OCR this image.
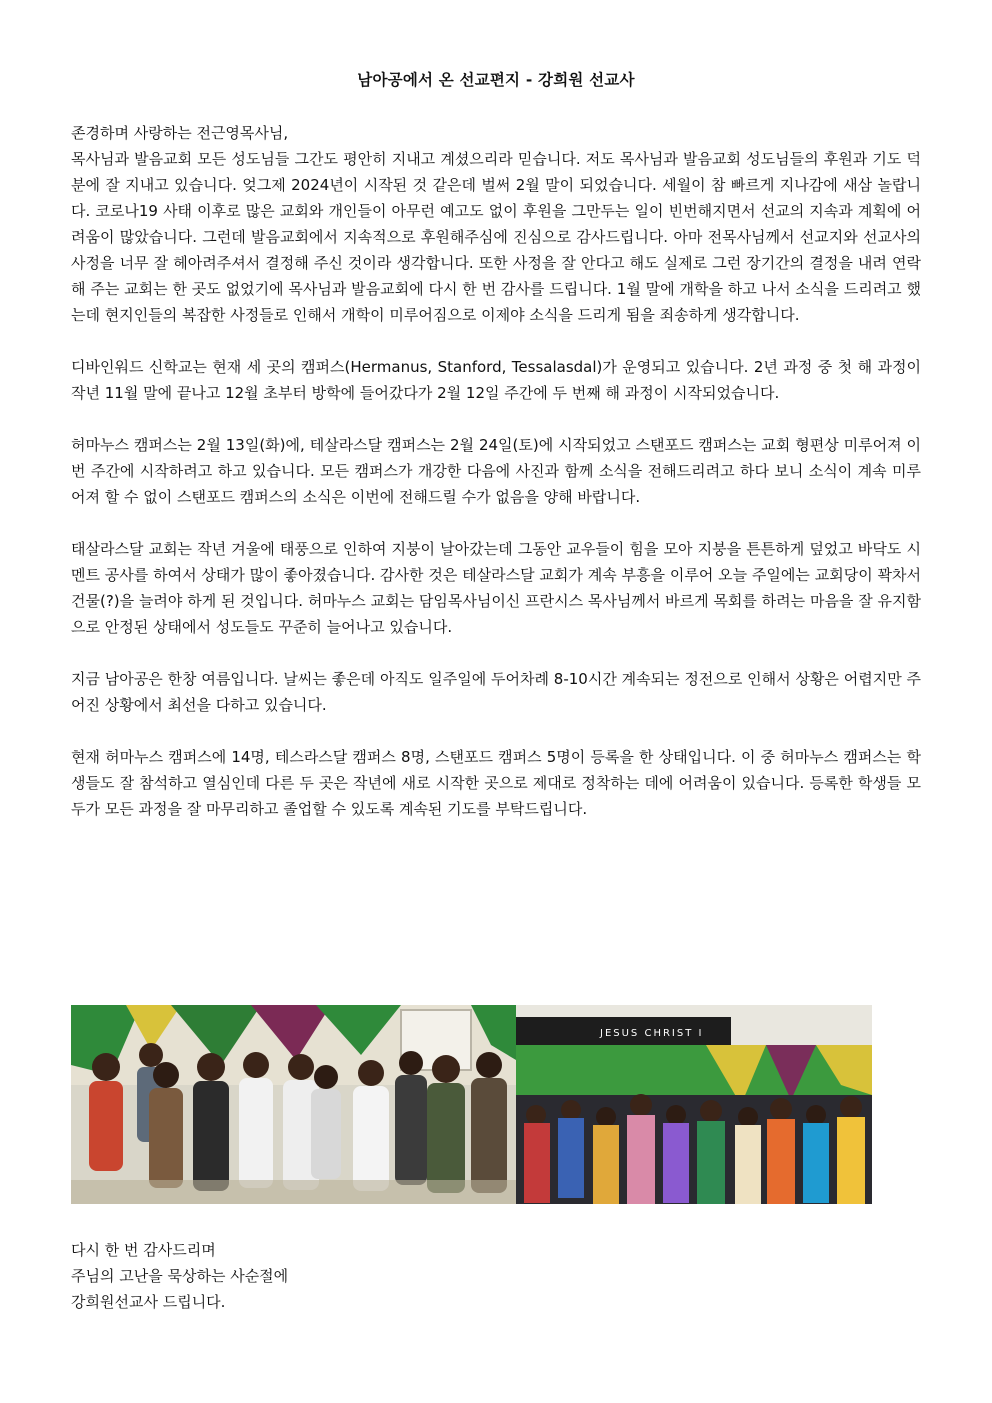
남아공에서 온 선교편지 - 강희원 선교사

존경하며 사랑하는 전근영목사님,

목사님과 발음교회 모든 성도님들 그간도 평안히 지내고 계셨으리라 믿습니다. 저도 목사님과 발음교회 성도님들의 후원과 기도 덕분에 잘 지내고 있습니다. 엊그제 2024년이 시작된 것 같은데 벌써 2월 말이 되었습니다. 세월이 참 빠르게 지나감에 새삼 놀랍니다. 코로나19 사태 이후로 많은 교회와 개인들이 아무런 예고도 없이 후원을 그만두는 일이 빈번해지면서 선교의 지속과 계획에 어려움이 많았습니다. 그런데 발음교회에서 지속적으로 후원해주심에 진심으로 감사드립니다. 아마 전목사님께서 선교지와 선교사의 사정을 너무 잘 헤아려주셔서 결정해 주신 것이라 생각합니다. 또한 사정을 잘 안다고 해도 실제로 그런 장기간의 결정을 내려 연락해 주는 교회는 한 곳도 없었기에 목사님과 발음교회에 다시 한 번 감사를 드립니다. 1월 말에 개학을 하고 나서 소식을 드리려고 했는데 현지인들의 복잡한 사정들로 인해서 개학이 미루어짐으로 이제야 소식을 드리게 됨을 죄송하게 생각합니다.

디바인워드 신학교는 현재 세 곳의 캠퍼스(Hermanus, Stanford, Tessalasdal)가 운영되고 있습니다. 2년 과정 중 첫 해 과정이 작년 11월 말에 끝나고 12월 초부터 방학에 들어갔다가 2월 12일 주간에 두 번째 해 과정이 시작되었습니다.

허마누스 캠퍼스는 2월 13일(화)에, 테살라스달 캠퍼스는 2월 24일(토)에 시작되었고 스탠포드 캠퍼스는 교회 형편상 미루어져 이번 주간에 시작하려고 하고 있습니다. 모든 캠퍼스가 개강한 다음에 사진과 함께 소식을 전해드리려고 하다 보니 소식이 계속 미루어져 할 수 없이 스탠포드 캠퍼스의 소식은 이번에 전해드릴 수가 없음을 양해 바랍니다.

태살라스달 교회는 작년 겨울에 태풍으로 인하여 지붕이 날아갔는데 그동안 교우들이 힘을 모아 지붕을 튼튼하게 덮었고 바닥도 시멘트 공사를 하여서 상태가 많이 좋아졌습니다. 감사한 것은 테살라스달 교회가 계속 부흥을 이루어 오늘 주일에는 교회당이 꽉차서 건물(?)을 늘려야 하게 된 것입니다. 허마누스 교회는 담임목사님이신 프란시스 목사님께서 바르게 목회를 하려는 마음을 잘 유지함으로 안정된 상태에서 성도들도 꾸준히 늘어나고 있습니다.

지금 남아공은 한창 여름입니다. 날씨는 좋은데 아직도 일주일에 두어차례 8-10시간 계속되는 정전으로 인해서 상황은 어렵지만 주어진 상황에서 최선을 다하고 있습니다.

현재 허마누스 캠퍼스에 14명, 테스라스달 캠퍼스 8명, 스탠포드 캠퍼스 5명이 등록을 한 상태입니다. 이 중 허마누스 캠퍼스는 학생들도 잘 참석하고 열심인데 다른 두 곳은 작년에 새로 시작한 곳으로 제대로 정착하는 데에 어려움이 있습니다. 등록한 학생들 모두가 모든 과정을 잘 마무리하고 졸업할 수 있도록 계속된 기도를 부탁드립니다.

JESUS CHRIST I
다시 한 번 감사드리며
주님의 고난을 묵상하는 사순절에
강희원선교사 드립니다.
